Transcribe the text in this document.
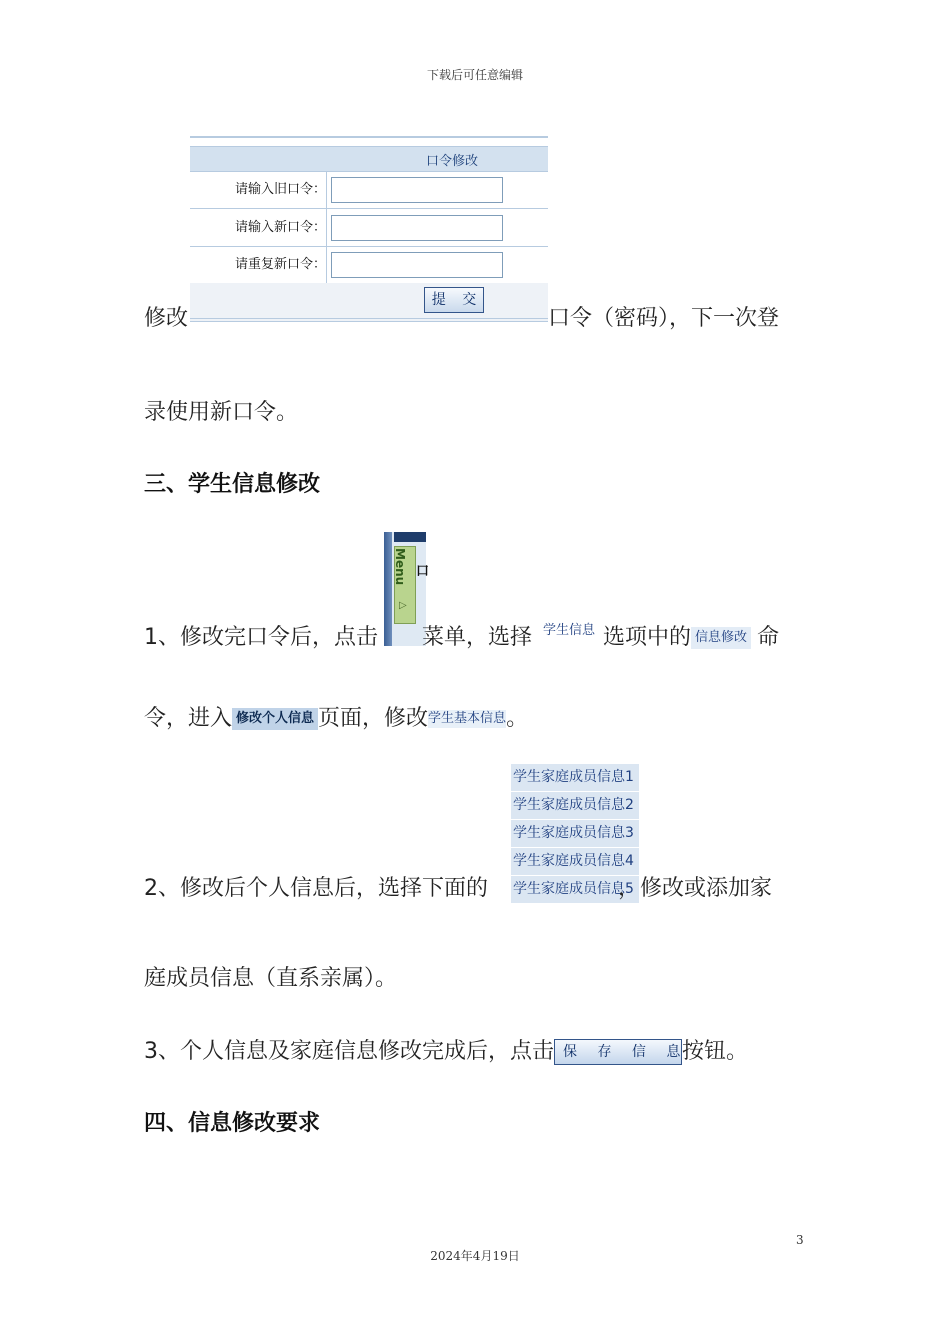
下载后可任意编辑
口令修改
请输入旧口令：
请输入新口令：
请重复新口令：
提 交
修改	口令（密码），下一次登
录使用新口令。
三、学生信息修改
Menu
▷
口
1、修改完口令后，点击 菜单，选择 学生信息 选项中的 信息修改 命
令，进入 修改个人信息 页面，修改学生基本信息。
学生家庭成员信息1
学生家庭成员信息2
学生家庭成员信息3
学生家庭成员信息4
学生家庭成员信息5
2、修改后个人信息后，选择下面的	，修改或添加家
庭成员信息（直系亲属）。
3、个人信息及家庭信息修改完成后，点击 保 存 信 息按钮。
四、信息修改要求
3
2024年4月19日
